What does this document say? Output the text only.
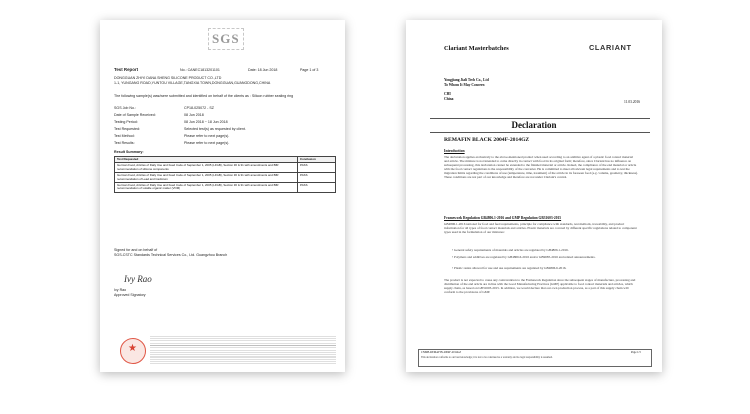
SGS
Test Report	No.: CANEC1813201101	Date: 18 Jun 2018	Page 1 of 3
DONGGUAN ZHIYI DANA SHENG SILICONE PRODUCT CO.,LTD
1-1, YUNGANG ROAD,YUNTOU VILLAGE,TANGXIA TOWN,DONGGUAN,GUANGDONG,CHINA
The following sample(s) was/were submitted and identified on behalf of the clients as : Silicon rubber sealing ring
SGS Job No.:	CP18-025072 - SZ
Date of Sample Received:	08 Jun 2018
Testing Period:	08 Jun 2018 ~ 18 Jun 2018
Test Requested:	Selected test(s) as requested by client.
Test Method:	Please refer to next page(s).
Test Results:	Please refer to next page(s).
Result Summary:
Test Requested	Conclusion
German Food, Articles of Daily Use and Feed Code of September 1, 2005 (LFGB), Section 30 & 31 with amendments and BfR recommendation of silicone components	PASS
German Food, Articles of Daily Use and Feed Code of September 1, 2005 (LFGB), Section 30 & 31 with amendments and BfR recommendation of Lead and Cadmium	PASS
German Food, Articles of Daily Use and Feed Code of September 1, 2005 (LFGB), Section 30 & 31 with amendments and BfR recommendation of volatile organic matter (VOM)	PASS
Signed for and on behalf of
SGS-CSTC Standards Technical Services Co., Ltd. Guangzhou Branch
Ivy Rao
Ivy Rao
Approved Signatory
★
Clariant Masterbatches	CLARIANT
Yongjiang Jiali Tech Co., Ltd
To Whom It May Concern
CHI
China
11.03.2016
Declaration
REMAFIN BLACK 2004F-2014GZ
Introduction
The declaration applies exclusively to the above-mentioned product when used according to an additive agent of a plastic food contact material and article. The mixture is not intended to come directly in contact with food in its original form; therefore, since Clariant has no influence on subsequent processing, this declaration cannot be extended to the finished material or article. Indeed, the compliance of the end material or article with the food contact regulations is the responsibility of the converter. He is committed to meet all relevant legal requirements and to test the migration limits regarding the conditions of use (temperature, time, treatment) of the article in its foreseen food (e.g. volume, geometry, thickness). These conditions are not part of our knowledge and therefore are not under Clariant's control.
Framework Regulation GB4806.1-2016 and GMP Regulation GB31603-2015
GB4806.1-2016 national for food and feed requirements, principle for compliance with standards, test methods, traceability, and product information for all types of food contact materials and articles. Plastic materials are covered by different specific regulations related to component types used in the formulation of our mixtures:
• General safety requirements of materials and articles are regulated by GB4806.1-2016.
• Polymers and additives are regulated by GB4806.6-2016 and/or GB9685-2016 and related announcements.
• Plastic resins allowed for use and use requirements are regulated by GB4806.6-2016.
The product is not expected to cause any contravention to the Framework Regulation since the subsequent stages of manufacture, processing and distribution of the end article are in line with the Good Manufacturing Practices (GMP) applicable to food contact materials and articles, which supply chain, as based on GB31603-2015. In addition, we would declare that our own production process, as a part of this supply chain will conform to the provisions of GMP.
CNMB-REMAFIN-2004F-2014GZ	Page 1/3
This declaration conforms to our best knowledge; it is not to be construed as a warranty and no legal responsibility is assumed.
